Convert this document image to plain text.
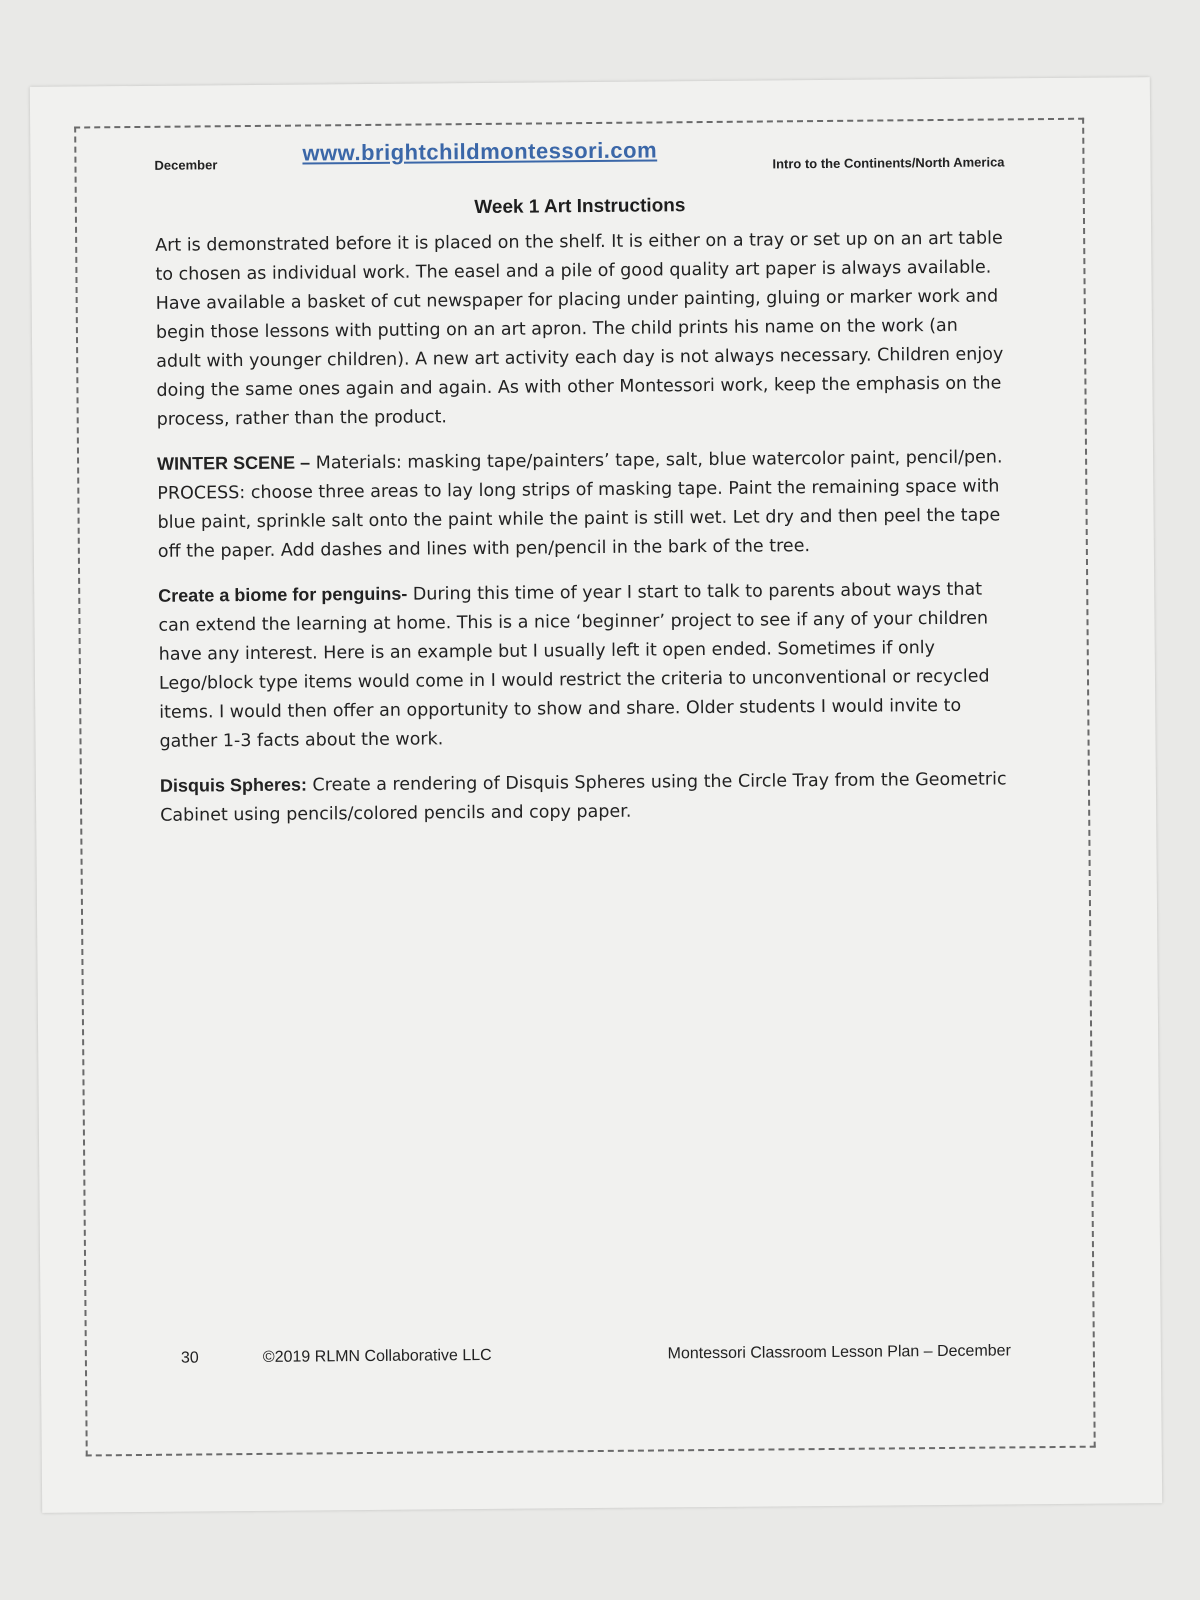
December	www.brightchildmontessori.com	Intro to the Continents/North America
Week 1 Art Instructions

Art is demonstrated before it is placed on the shelf. It is either on a tray or set up on an art table to chosen as individual work. The easel and a pile of good quality art paper is always available. Have available a basket of cut newspaper for placing under painting, gluing or marker work and begin those lessons with putting on an art apron. The child prints his name on the work (an adult with younger children). A new art activity each day is not always necessary. Children enjoy doing the same ones again and again. As with other Montessori work, keep the emphasis on the process, rather than the product.

WINTER SCENE – Materials: masking tape/painters’ tape, salt, blue watercolor paint, pencil/pen. PROCESS: choose three areas to lay long strips of masking tape. Paint the remaining space with blue paint, sprinkle salt onto the paint while the paint is still wet. Let dry and then peel the tape off the paper. Add dashes and lines with pen/pencil in the bark of the tree.

Create a biome for penguins- During this time of year I start to talk to parents about ways that can extend the learning at home. This is a nice ‘beginner’ project to see if any of your children have any interest. Here is an example but I usually left it open ended. Sometimes if only Lego/block type items would come in I would restrict the criteria to unconventional or recycled items. I would then offer an opportunity to show and share. Older students I would invite to gather 1-3 facts about the work.

Disquis Spheres: Create a rendering of Disquis Spheres using the Circle Tray from the Geometric Cabinet using pencils/colored pencils and copy paper.

30	©2019 RLMN Collaborative LLC	Montessori Classroom Lesson Plan – December
